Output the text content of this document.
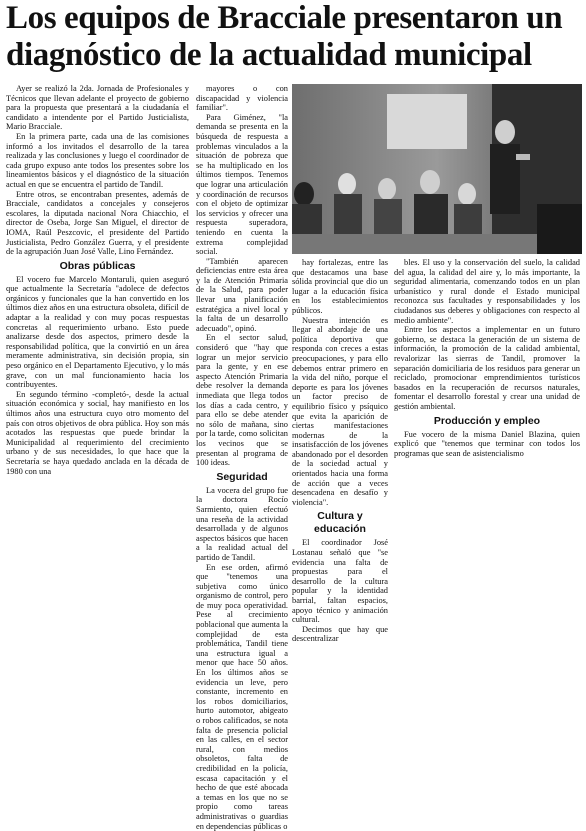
Los equipos de Bracciale presentaron un diagnóstico de la actualidad municipal

Ayer se realizó la 2da. Jornada de Profesionales y Técnicos que llevan adelante el proyecto de gobierno para la propuesta que presentará a la ciudadanía el candidato a intendente por el Partido Justicialista, Mario Bracciale.

En la primera parte, cada una de las comisiones informó a los invitados el desarrollo de la tarea realizada y las conclusiones y luego el coordinador de cada grupo expuso ante todos los presentes sobre los lineamientos básicos y el diagnóstico de la situación actual en que se encuentra el partido de Tandil.

Entre otros, se encontraban presentes, además de Bracciale, candidatos a concejales y consejeros escolares, la diputada nacional Nora Chiacchio, el director de Oseba, Jorge San Miguel, el director de IOMA, Raúl Peszcovic, el presidente del Partido Justicialista, Pedro González Guerra, y el presidente de la agrupación Juan José Valle, Lino Fernández.

Obras públicas

El vocero fue Marcelo Montaruli, quien aseguró que actualmente la Secretaría "adolece de defectos orgánicos y funcionales que la han convertido en los últimos diez años en una estructura obsoleta, difícil de adaptar a la realidad y con muy pocas respuestas concretas al requerimiento urbano. Esto puede analizarse desde dos aspectos, primero desde la responsabilidad política, que la convirtió en un área meramente administrativa, sin decisión propia, sin peso orgánico en el Departamento Ejecutivo, y lo más grave, con un mal funcionamiento hacia los contribuyentes.

En segundo término -completó-, desde la actual situación económica y social, hay manifiesto en los últimos años una estructura cuyo otro momento del país con otros objetivos de obra pública. Hoy son más acotados las respuestas que puede brindar la Municipalidad al requerimiento del crecimiento urbano y de sus necesidades, lo que hace que la Secretaría se haya quedado anclada en la década de 1980 con una

mayores o con discapacidad y violencia familiar".

Para Giménez, "la demanda se presenta en la búsqueda de respuesta a problemas vinculados a la situación de pobreza que se ha multiplicado en los últimos tiempos. Tenemos que lograr una articulación y coordinación de recursos con el objeto de optimizar los servicios y ofrecer una respuesta superadora, teniendo en cuenta la extrema complejidad social.

"También aparecen deficiencias entre esta área y la de Atención Primaria de la Salud, para poder llevar una planificación estratégica a nivel local y la falta de un desarrollo adecuado", opinó.

En el sector salud, consideró que "hay que lograr un mejor servicio para la gente, y en ese aspecto Atención Primaria debe resolver la demanda inmediata que llega todos los días a cada centro, y para ello se debe atender no sólo de mañana, sino por la tarde, como solicitan los vecinos que se presentan al programa de 100 ideas.

Seguridad

La vocera del grupo fue la doctora Rocío Sarmiento, quien efectuó una reseña de la actividad desarrollada y de algunos aspectos básicos que hacen a la realidad actual del partido de Tandil.

En ese orden, afirmó que "tenemos una subjetiva como único organismo de control, pero de muy poca operatividad. Pese al crecimiento poblacional que aumenta la complejidad de esta problemática, Tandil tiene una estructura igual a menor que hace 50 años. En los últimos años se evidencia un leve, pero constante, incremento en los robos domiciliarios, hurto automotor, abigeato o robos calificados, se nota falta de presencia policial en las calles, en el sector rural, con medios obsoletos, falta de credibilidad en la policía, escasa capacitación y el hecho de que esté abocada a temas en los que no se propio como tareas administrativas o guardias en dependencias públicas o

bles. El uso y la conservación del suelo, la calidad del agua, la calidad del aire y, lo más importante, la seguridad alimentaria, comenzando todos en un plan urbanístico y rural donde el Estado municipal reconozca sus facultades y responsabilidades y los ciudadanos sus deberes y obligaciones con respecto al medio ambiente".

Entre los aspectos a implementar en un futuro gobierno, se destaca la generación de un sistema de información, la promoción de la calidad ambiental, revalorizar las sierras de Tandil, promover la separación domiciliaria de los residuos para generar un reciclado, promocionar emprendimientos turísticos basados en la recuperación de recursos naturales, fomentar el desarrollo forestal y crear una unidad de gestión ambiental.

Producción y empleo

Fue vocero de la misma Daniel Blazina, quien explicó que "tenemos que terminar con todos los programas que sean de asistencialismo

hay fortalezas, entre las que destacamos una base sólida provincial que dio un lugar a la educación física en los establecimientos públicos.

Nuestra intención es llegar al abordaje de una política deportiva que responda con creces a estas preocupaciones, y para ello debemos entrar primero en la vida del niño, porque el deporte es para los jóvenes un factor preciso de equilibrio físico y psíquico que evita la aparición de ciertas manifestaciones modernas de la insatisfacción de los jóvenes abandonado por el desorden de la sociedad actual y orientados hacia una forma de acción que a veces desencadena en desafío y violencia".

Cultura y educación

El coordinador José Lostanau señaló que "se evidencia una falta de propuestas para el desarrollo de la cultura popular y la identidad barrial, faltan espacios, apoyo técnico y animación cultural.

Decimos que hay que descentralizar
